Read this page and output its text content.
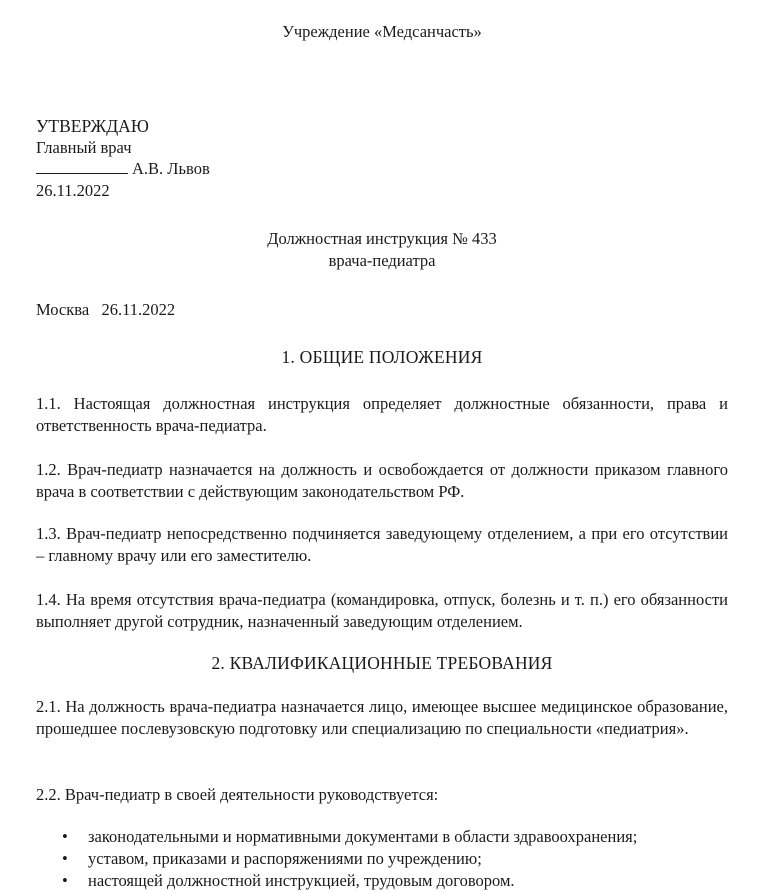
Учреждение «Медсанчасть»
УТВЕРЖДАЮ
Главный врач
А.В. Львов
26.11.2022
Должностная инструкция № 433
врача-педиатра
Москва   26.11.2022
1. ОБЩИЕ ПОЛОЖЕНИЯ
1.1. Настоящая должностная инструкция определяет должностные обязанности, права и ответственность врача-педиатра.
1.2. Врач-педиатр назначается на должность и освобождается от должности приказом главного врача в соответствии с действующим законодательством РФ.
1.3. Врач-педиатр непосредственно подчиняется заведующему отделением, а при его отсутствии – главному врачу или его заместителю.
1.4. На время отсутствия врача-педиатра (командировка, отпуск, болезнь и т. п.) его обязанности выполняет другой сотрудник, назначенный заведующим отделением.
2. КВАЛИФИКАЦИОННЫЕ ТРЕБОВАНИЯ
2.1. На должность врача-педиатра назначается лицо, имеющее высшее медицинское образование, прошедшее послевузовскую подготовку или специализацию по специальности «педиатрия».
2.2. Врач-педиатр в своей деятельности руководствуется:
• законодательными и нормативными документами в области здравоохранения;
• уставом, приказами и распоряжениями по учреждению;
• настоящей должностной инструкцией, трудовым договором.
